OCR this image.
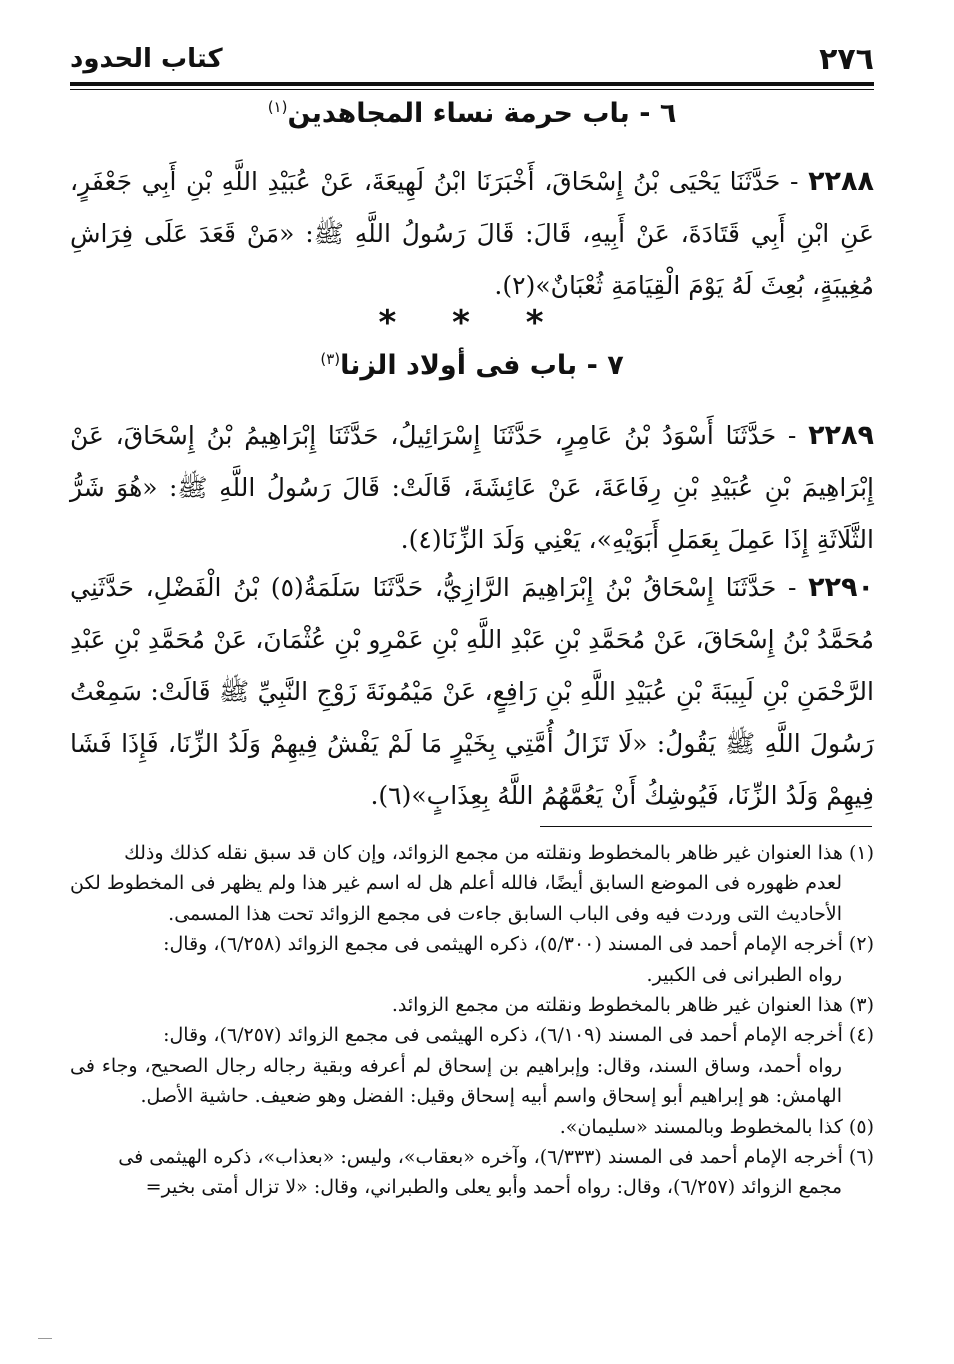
٢٧٦
كتاب الحدود
٦ - باب حرمة نساء المجاهدين$^{(١)}$
٢٢٨٨ - حَدَّثَنَا يَحْيَى بْنُ إِسْحَاقَ، أَخْبَرَنَا ابْنُ لَهِيعَةَ، عَنْ عُبَيْدِ اللَّهِ بْنِ أَبِي جَعْفَرٍ، عَنِ ابْنِ أَبِي قَتَادَةَ، عَنْ أَبِيهِ، قَالَ: قَالَ رَسُولُ اللَّهِ ﷺ: «مَنْ قَعَدَ عَلَى فِرَاشِ مُغِيبَةٍ، بُعِثَ لَهُ يَوْمَ الْقِيَامَةِ ثُعْبَانٌ»(٢).
* * *
٧ - باب فى أولاد الزنا$^{(٣)}$
٢٢٨٩ - حَدَّثَنَا أَسْوَدُ بْنُ عَامِرٍ، حَدَّثَنَا إِسْرَائِيلُ، حَدَّثَنَا إِبْرَاهِيمُ بْنُ إِسْحَاقَ، عَنْ إِبْرَاهِيمَ بْنِ عُبَيْدِ بْنِ رِفَاعَةَ، عَنْ عَائِشَةَ، قَالَتْ: قَالَ رَسُولُ اللَّهِ ﷺ: «هُوَ شَرُّ الثَّلَاثَةِ إِذَا عَمِلَ بِعَمَلِ أَبَوَيْهِ»، يَعْنِي وَلَدَ الزِّنَا(٤).
٢٢٩٠ - حَدَّثَنَا إِسْحَاقُ بْنُ إِبْرَاهِيمَ الرَّازِيُّ، حَدَّثَنَا سَلَمَةُ(٥) بْنُ الْفَضْلِ، حَدَّثَنِي مُحَمَّدُ بْنُ إِسْحَاقَ، عَنْ مُحَمَّدِ بْنِ عَبْدِ اللَّهِ بْنِ عَمْرِو بْنِ عُثْمَانَ، عَنْ مُحَمَّدِ بْنِ عَبْدِ الرَّحْمَنِ بْنِ لَبِيبَةَ بْنِ عُبَيْدِ اللَّهِ بْنِ رَافِعٍ، عَنْ مَيْمُونَةَ زَوْجِ النَّبِيِّ ﷺ قَالَتْ: سَمِعْتُ رَسُولَ اللَّهِ ﷺ يَقُولُ: «لَا تَزَالُ أُمَّتِي بِخَيْرٍ مَا لَمْ يَفْشُ فِيهِمْ وَلَدُ الزِّنَا، فَإِذَا فَشَا فِيهِمْ وَلَدُ الزِّنَا، فَيُوشِكُ أَنْ يَعُمَّهُمُ اللَّهُ بِعِذَابٍ»(٦).

(١) هذا العنوان غير ظاهر بالمخطوط ونقلته من مجمع الزوائد، وإن كان قد سبق نقله كذلك وذلك

لعدم ظهوره فى الموضع السابق أيضًا، فالله أعلم هل له اسم غير هذا ولم يظهر فى المخطوط لكن الأحاديث التى وردت فيه وفى الباب السابق جاءت فى مجمع الزوائد تحت هذا المسمى.

(٢) أخرجه الإمام أحمد فى المسند (٥/٣٠٠)، ذكره الهيثمى فى مجمع الزوائد (٦/٢٥٨)، وقال:

رواه الطبرانى فى الكبير.

(٣) هذا العنوان غير ظاهر بالمخطوط ونقلته من مجمع الزوائد.

(٤) أخرجه الإمام أحمد فى المسند (٦/١٠٩)، ذكره الهيثمى فى مجمع الزوائد (٦/٢٥٧)، وقال:

رواه أحمد، وساق السند، وقال: وإبراهيم بن إسحاق لم أعرفه وبقية رجاله رجال الصحيح، وجاء فى الهامش: هو إبراهيم أبو إسحاق واسم أبيه إسحاق وقيل: الفضل وهو ضعيف. حاشية الأصل.

(٥) كذا بالمخطوط وبالمسند «سليمان».

(٦) أخرجه الإمام أحمد فى المسند (٦/٣٣٣)، وآخره «بعقاب»، وليس: «بعذاب»، ذكره الهيثمى فى

مجمع الزوائد (٦/٢٥٧)، وقال: رواه أحمد وأبو يعلى والطبراني، وقال: «لا تزال أمتى بخير=
